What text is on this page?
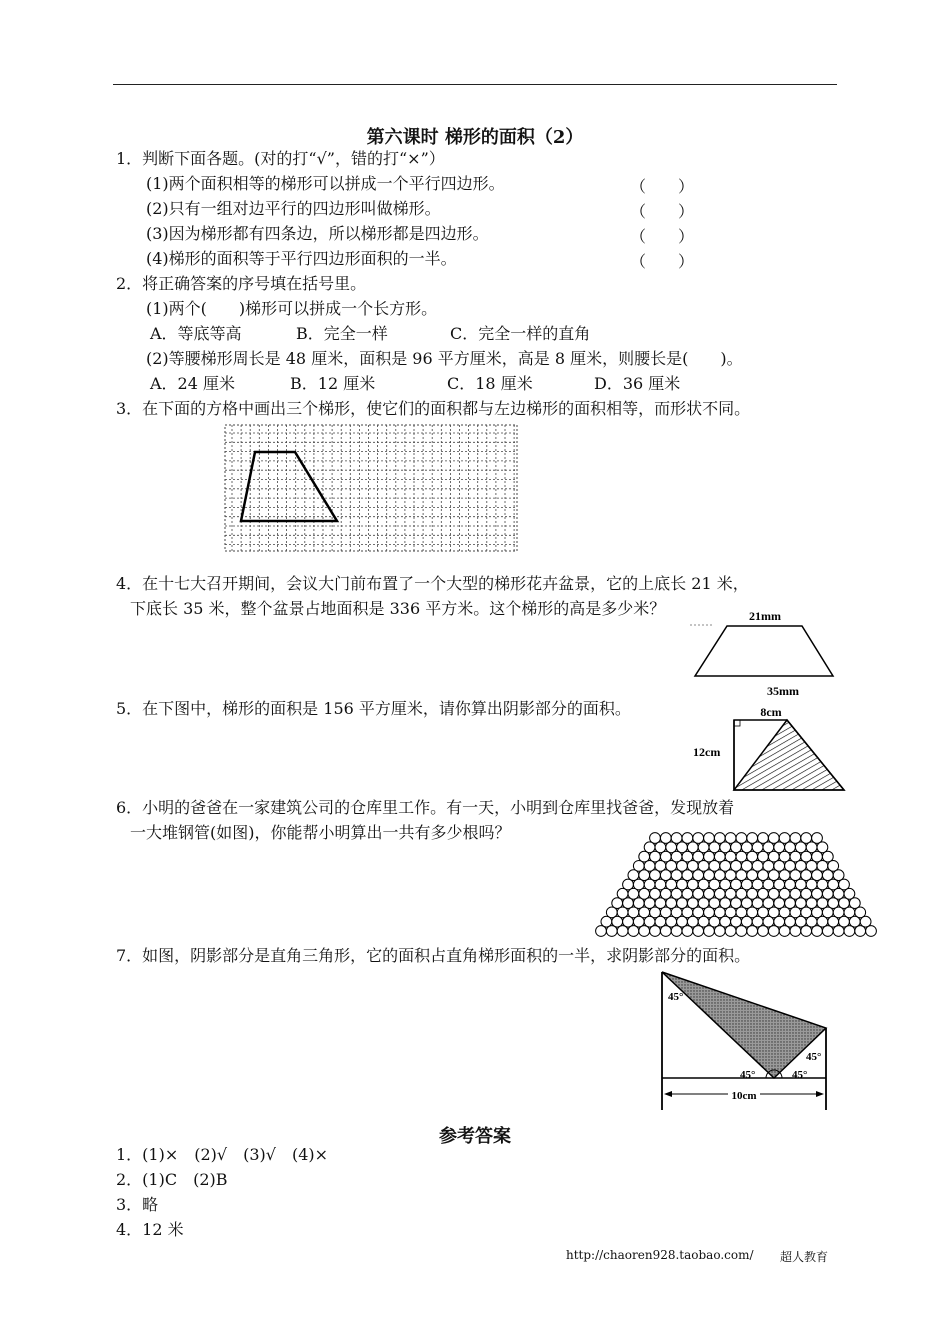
第六课时 梯形的面积（2）
1．判断下面各题。(对的打“√”，错的打“×”）
(1)两个面积相等的梯形可以拼成一个平行四边形。	（　　）
(2)只有一组对边平行的四边形叫做梯形。	（　　）
(3)因为梯形都有四条边，所以梯形都是四边形。	（　　）
(4)梯形的面积等于平行四边形面积的一半。	（　　）
2．将正确答案的序号填在括号里。
(1)两个(　　)梯形可以拼成一个长方形。
A．等底等高	B．完全一样	C．完全一样的直角
(2)等腰梯形周长是 48 厘米，面积是 96 平方厘米，高是 8 厘米，则腰长是(　　)。
A．24 厘米	B．12 厘米	C．18 厘米	D．36 厘米
3．在下面的方格中画出三个梯形，使它们的面积都与左边梯形的面积相等，而形状不同。
4．在十七大召开期间，会议大门前布置了一个大型的梯形花卉盆景，它的上底长 21 米，
下底长 35 米，整个盆景占地面积是 336 平方米。这个梯形的高是多少米？	21mm
35mm
5．在下图中，梯形的面积是 156 平方厘米，请你算出阴影部分的面积。	8cm
12cm
6．小明的爸爸在一家建筑公司的仓库里工作。有一天，小明到仓库里找爸爸，发现放着
一大堆钢管(如图)，你能帮小明算出一共有多少根吗？
7．如图，阴影部分是直角三角形，它的面积占直角梯形面积的一半，求阴影部分的面积。
45°
45°
45°	45°
10cm
参考答案
1．(1)×　(2)√　(3)√　(4)×
2．(1)C　(2)B
3．略
4．12 米
http://chaoren928.taobao.com/ 超人教育
